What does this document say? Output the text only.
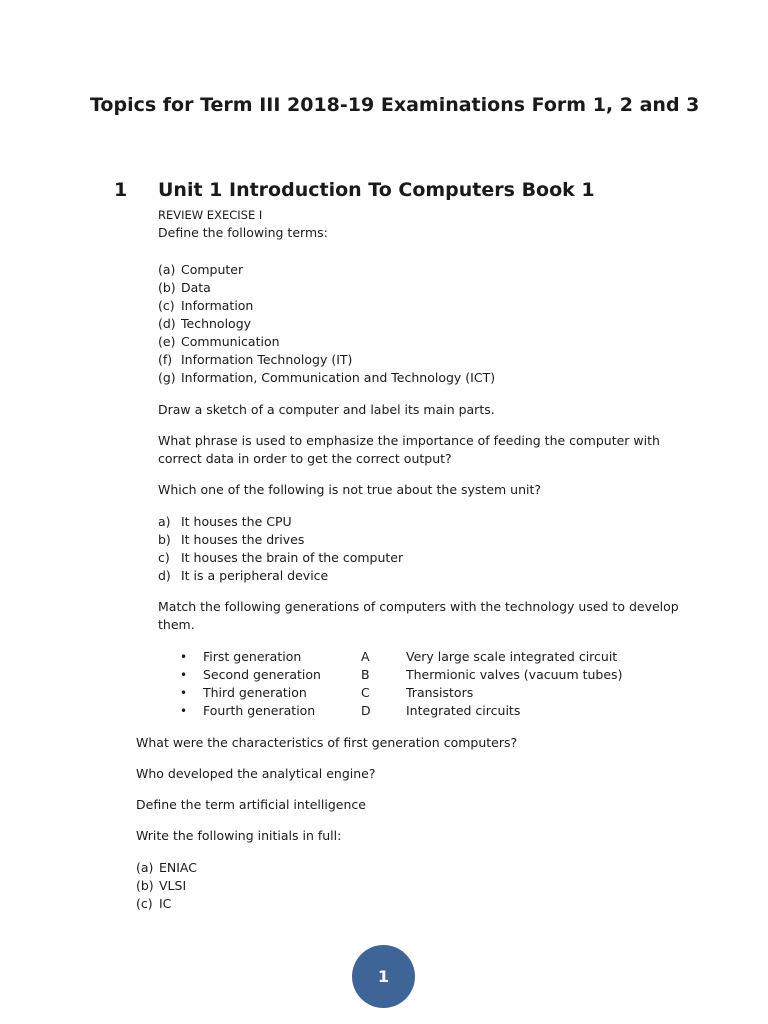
Topics for Term III 2018-19 Examinations Form 1, 2 and 3
1 Unit 1 Introduction To Computers Book 1
REVIEW EXECISE I
Define the following terms:
(a) Computer
(b) Data
(c) Information
(d) Technology
(e) Communication
(f) Information Technology (IT)
(g) Information, Communication and Technology (ICT)
Draw a sketch of a computer and label its main parts.
What phrase is used to emphasize the importance of feeding the computer with
correct data in order to get the correct output?
Which one of the following is not true about the system unit?
a) It houses the CPU
b) It houses the drives
c) It houses the brain of the computer
d) It is a peripheral device
Match the following generations of computers with the technology used to develop
them.
• First generation	A	Very large scale integrated circuit
• Second generation	B	Thermionic valves (vacuum tubes)
• Third generation	C	Transistors
• Fourth generation	D	Integrated circuits
What were the characteristics of first generation computers?
Who developed the analytical engine?
Define the term artificial intelligence
Write the following initials in full:
(a) ENIAC
(b) VLSI
(c) IC
1
